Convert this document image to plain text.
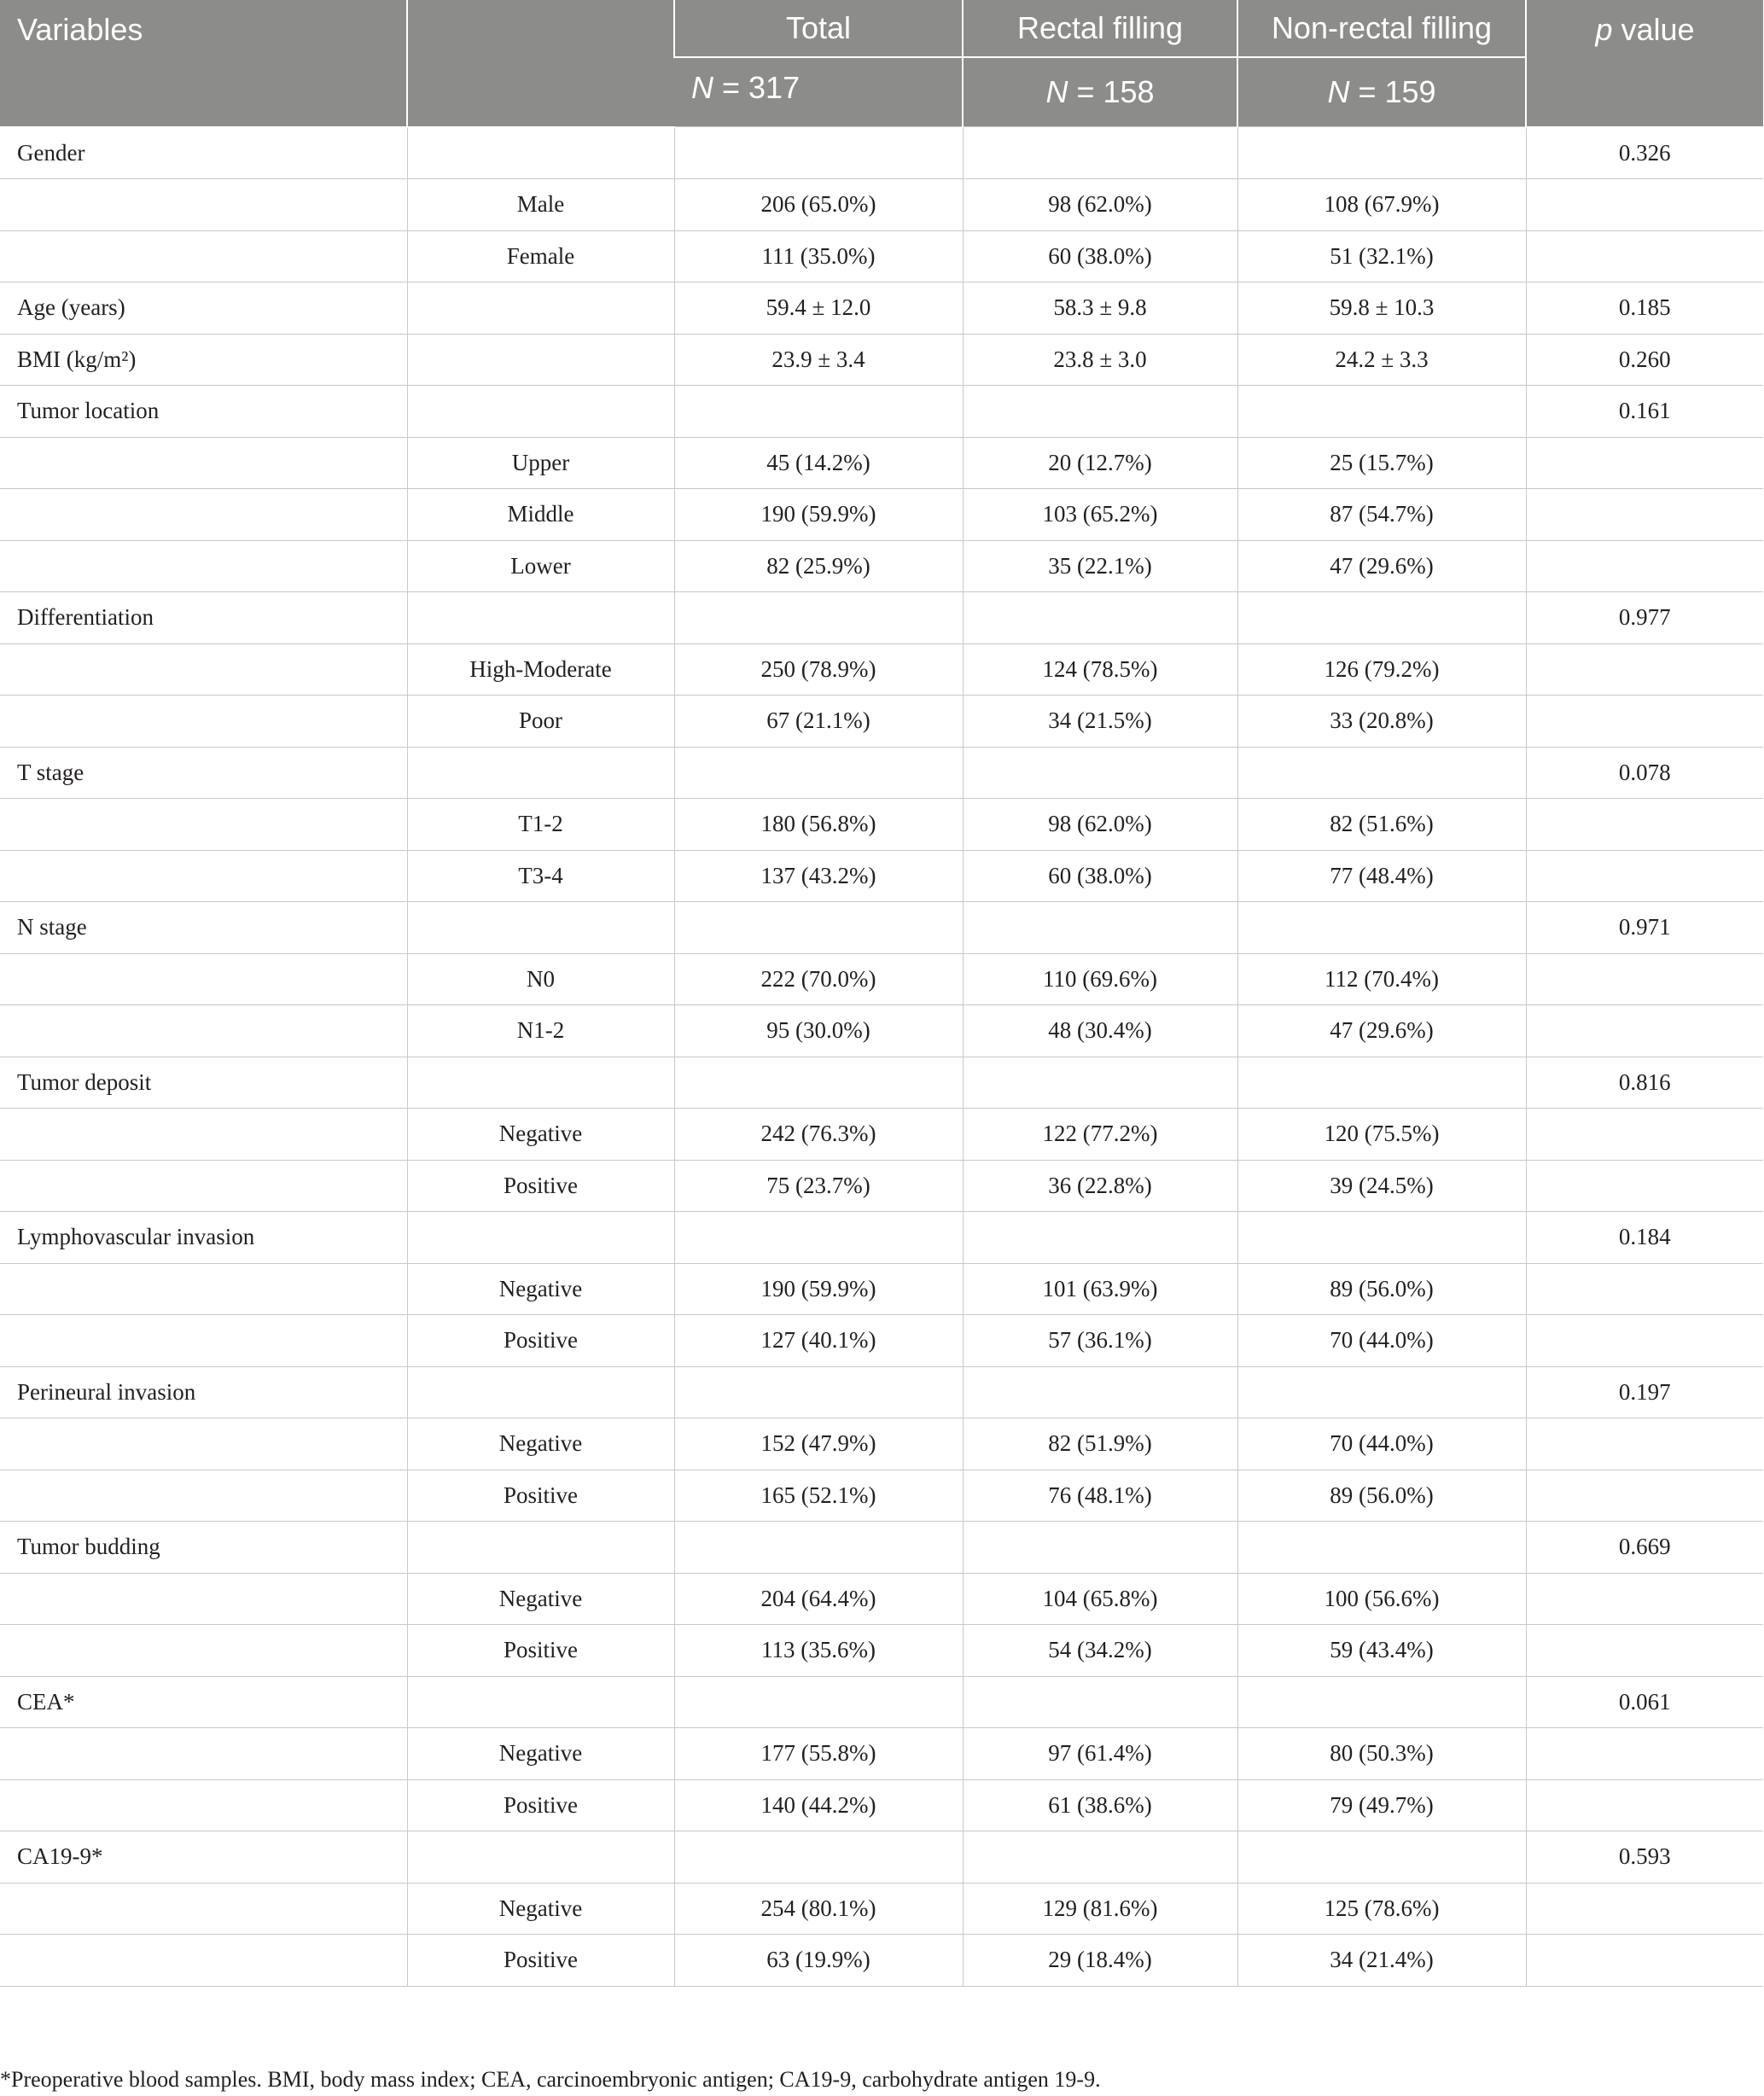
Variables		Total	Rectal filling	Non-rectal filling	p value
		N = 317	N = 158	N = 159	
Gender					0.326
	Male	206 (65.0%)	98 (62.0%)	108 (67.9%)	
	Female	111 (35.0%)	60 (38.0%)	51 (32.1%)	
Age (years)		59.4 ± 12.0	58.3 ± 9.8	59.8 ± 10.3	0.185
BMI (kg/m²)		23.9 ± 3.4	23.8 ± 3.0	24.2 ± 3.3	0.260
Tumor location					0.161
	Upper	45 (14.2%)	20 (12.7%)	25 (15.7%)	
	Middle	190 (59.9%)	103 (65.2%)	87 (54.7%)	
	Lower	82 (25.9%)	35 (22.1%)	47 (29.6%)	
Differentiation					0.977
	High-Moderate	250 (78.9%)	124 (78.5%)	126 (79.2%)	
	Poor	67 (21.1%)	34 (21.5%)	33 (20.8%)	
T stage					0.078
	T1-2	180 (56.8%)	98 (62.0%)	82 (51.6%)	
	T3-4	137 (43.2%)	60 (38.0%)	77 (48.4%)	
N stage					0.971
	N0	222 (70.0%)	110 (69.6%)	112 (70.4%)	
	N1-2	95 (30.0%)	48 (30.4%)	47 (29.6%)	
Tumor deposit					0.816
	Negative	242 (76.3%)	122 (77.2%)	120 (75.5%)	
	Positive	75 (23.7%)	36 (22.8%)	39 (24.5%)	
Lymphovascular invasion					0.184
	Negative	190 (59.9%)	101 (63.9%)	89 (56.0%)	
	Positive	127 (40.1%)	57 (36.1%)	70 (44.0%)	
Perineural invasion					0.197
	Negative	152 (47.9%)	82 (51.9%)	70 (44.0%)	
	Positive	165 (52.1%)	76 (48.1%)	89 (56.0%)	
Tumor budding					0.669
	Negative	204 (64.4%)	104 (65.8%)	100 (56.6%)	
	Positive	113 (35.6%)	54 (34.2%)	59 (43.4%)	
CEA*					0.061
	Negative	177 (55.8%)	97 (61.4%)	80 (50.3%)	
	Positive	140 (44.2%)	61 (38.6%)	79 (49.7%)	
CA19-9*					0.593
	Negative	254 (80.1%)	129 (81.6%)	125 (78.6%)	
	Positive	63 (19.9%)	29 (18.4%)	34 (21.4%)	
*Preoperative blood samples. BMI, body mass index; CEA, carcinoembryonic antigen; CA19-9, carbohydrate antigen 19-9.
